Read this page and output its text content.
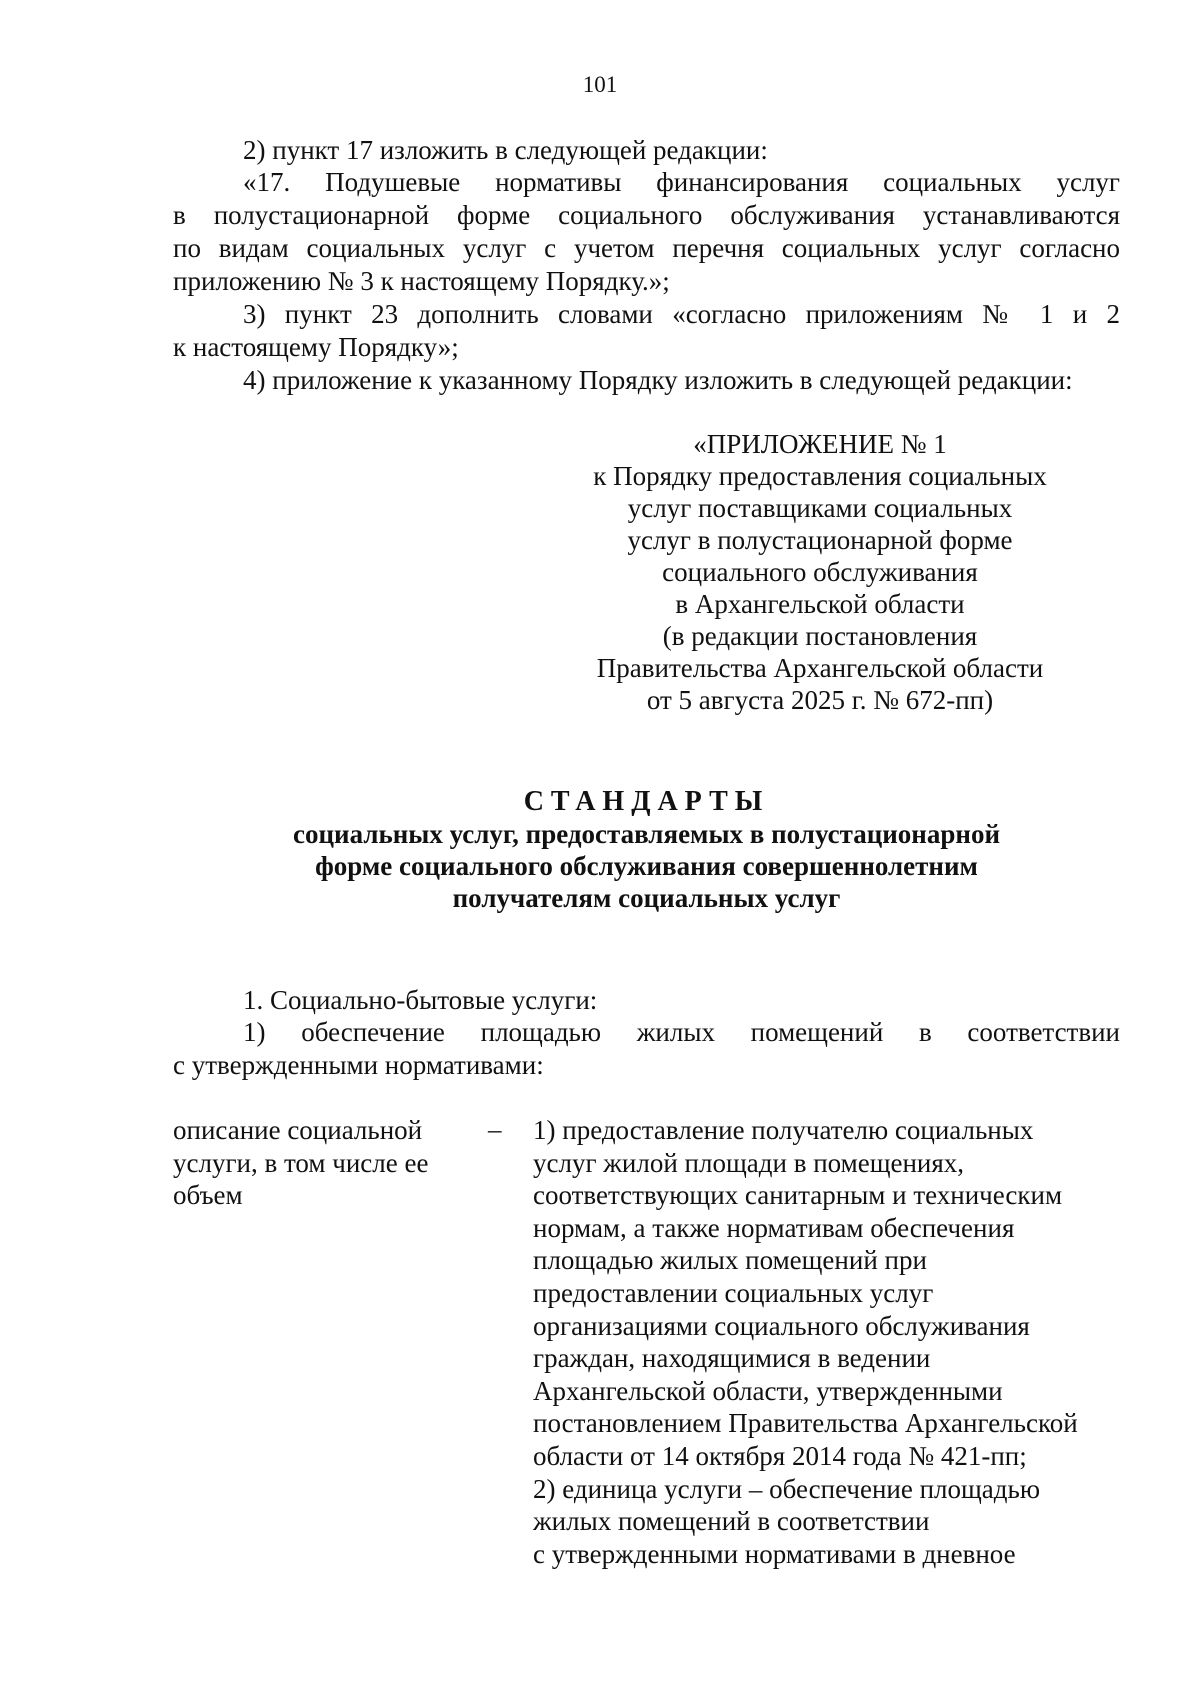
101
2) пункт 17 изложить в следующей редакции:
«17. Подушевые нормативы финансирования социальных услуг
в полустационарной форме социального обслуживания устанавливаются
по видам социальных услуг с учетом перечня социальных услуг согласно
приложению № 3 к настоящему Порядку.»;
3) пункт 23 дополнить словами «согласно приложениям № 1 и 2
к настоящему Порядку»;
4) приложение к указанному Порядку изложить в следующей редакции:
«ПРИЛОЖЕНИЕ № 1
к Порядку предоставления социальных
услуг поставщиками социальных
услуг в полустационарной форме
социального обслуживания
в Архангельской области
(в редакции постановления
Правительства Архангельской области
от 5 августа 2025 г. № 672-пп)
СТАНДАРТЫ
социальных услуг, предоставляемых в полустационарной
форме социального обслуживания совершеннолетним
получателям социальных услуг
1. Социально-бытовые услуги:
1) обеспечение площадью жилых помещений в соответствии
с утвержденными нормативами:
описание социальной
услуги, в том числе ее
объем
– 1) предоставление получателю социальных
услуг жилой площади в помещениях,
соответствующих санитарным и техническим
нормам, а также нормативам обеспечения
площадью жилых помещений при
предоставлении социальных услуг
организациями социального обслуживания
граждан, находящимися в ведении
Архангельской области, утвержденными
постановлением Правительства Архангельской
области от 14 октября 2014 года № 421-пп;
2) единица услуги – обеспечение площадью
жилых помещений в соответствии
с утвержденными нормативами в дневное
